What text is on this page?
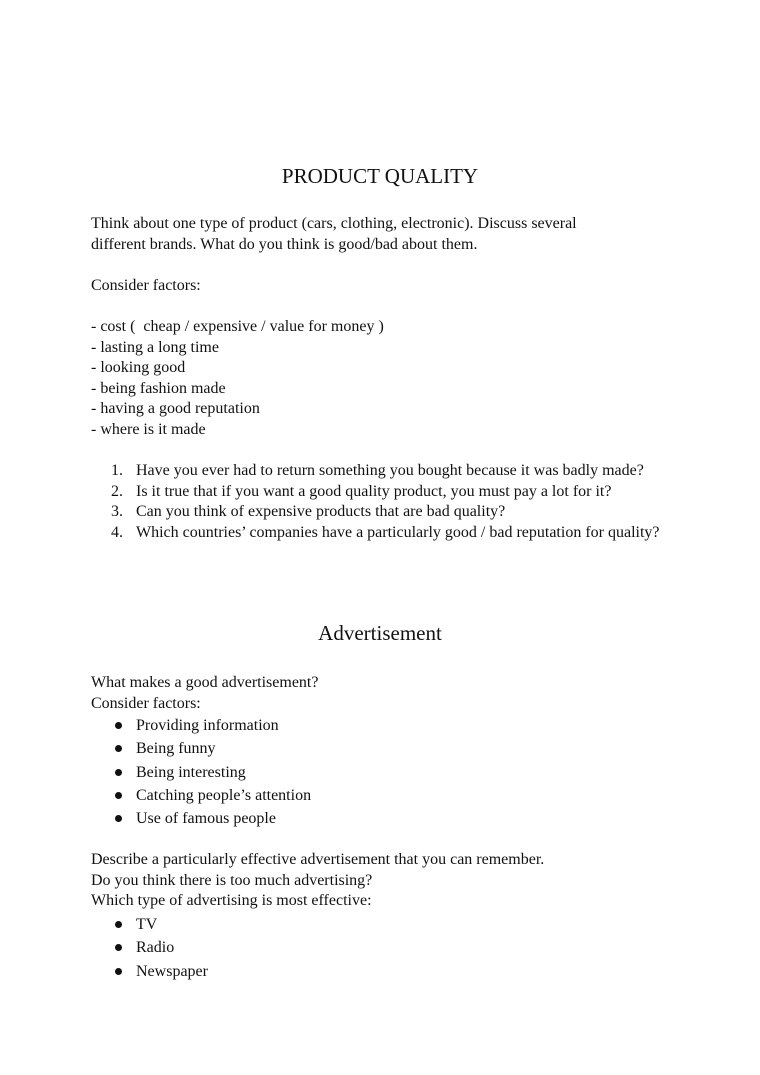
PRODUCT QUALITY

Think about one type of product (cars, clothing, electronic). Discuss several

different brands. What do you think is good/bad about them.

Consider factors:

- cost (  cheap / expensive / value for money )

- lasting a long time

- looking good

- being fashion made

- having a good reputation

- where is it made

1. Have you ever had to return something you bought because it was badly made?
2. Is it true that if you want a good quality product, you must pay a lot for it?
3. Can you think of expensive products that are bad quality?
4. Which countries’ companies have a particularly good / bad reputation for quality?
Advertisement

What makes a good advertisement?

Consider factors:

Providing information
Being funny
Being interesting
Catching people’s attention
Use of famous people

Describe a particularly effective advertisement that you can remember.

Do you think there is too much advertising?

Which type of advertising is most effective:

TV
Radio
Newspaper
